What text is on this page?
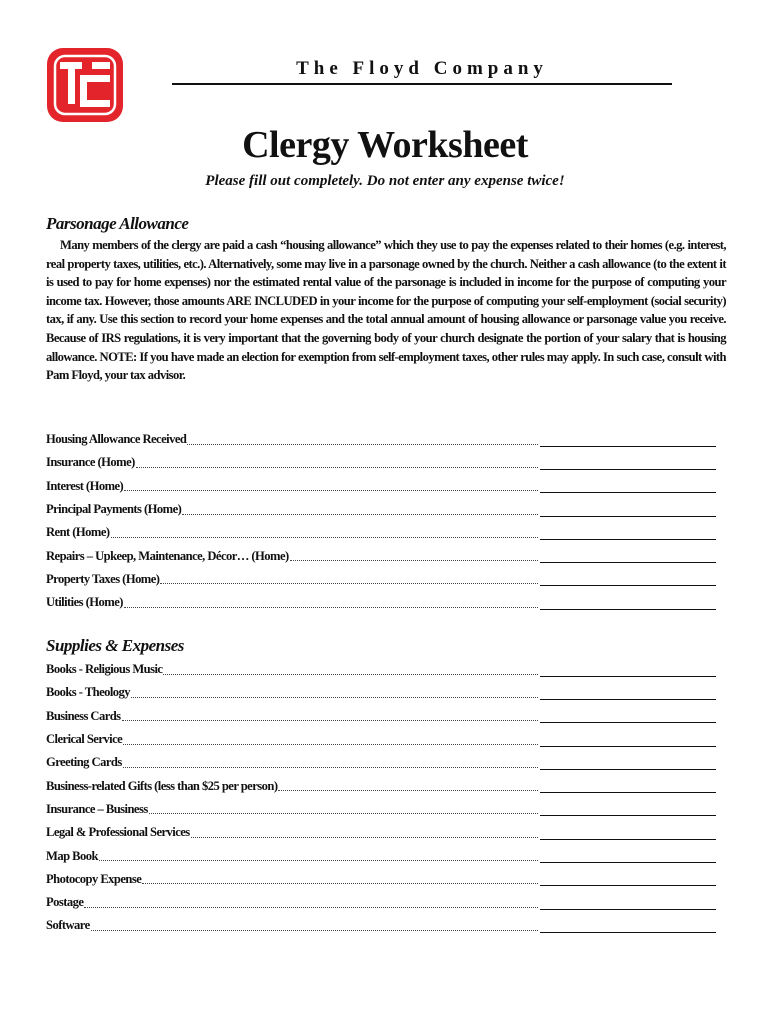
The Floyd Company
Clergy Worksheet
Please fill out completely. Do not enter any expense twice!
Parsonage Allowance

Many members of the clergy are paid a cash “housing allowance” which they use to pay the expenses related to their homes (e.g. interest, real property taxes, utilities, etc.). Alternatively, some may live in a parsonage owned by the church. Neither a cash allowance (to the extent it is used to pay for home expenses) nor the estimated rental value of the parsonage is included in income for the purpose of computing your income tax. However, those amounts ARE INCLUDED in your income for the purpose of computing your self-employment (social security) tax, if any. Use this section to record your home expenses and the total annual amount of housing allowance or parsonage value you receive. Because of IRS regulations, it is very important that the governing body of your church designate the portion of your salary that is housing allowance. NOTE: If you have made an election for exemption from self-employment taxes, other rules may apply. In such case, consult with Pam Floyd, your tax advisor.

Housing Allowance Received
Insurance (Home)
Interest (Home)
Principal Payments (Home)
Rent (Home)
Repairs – Upkeep, Maintenance, Décor… (Home)
Property Taxes (Home)
Utilities (Home)
Supplies & Expenses
Books - Religious Music
Books - Theology
Business Cards
Clerical Service
Greeting Cards
Business-related Gifts (less than $25 per person)
Insurance – Business
Legal & Professional Services
Map Book
Photocopy Expense
Postage
Software
